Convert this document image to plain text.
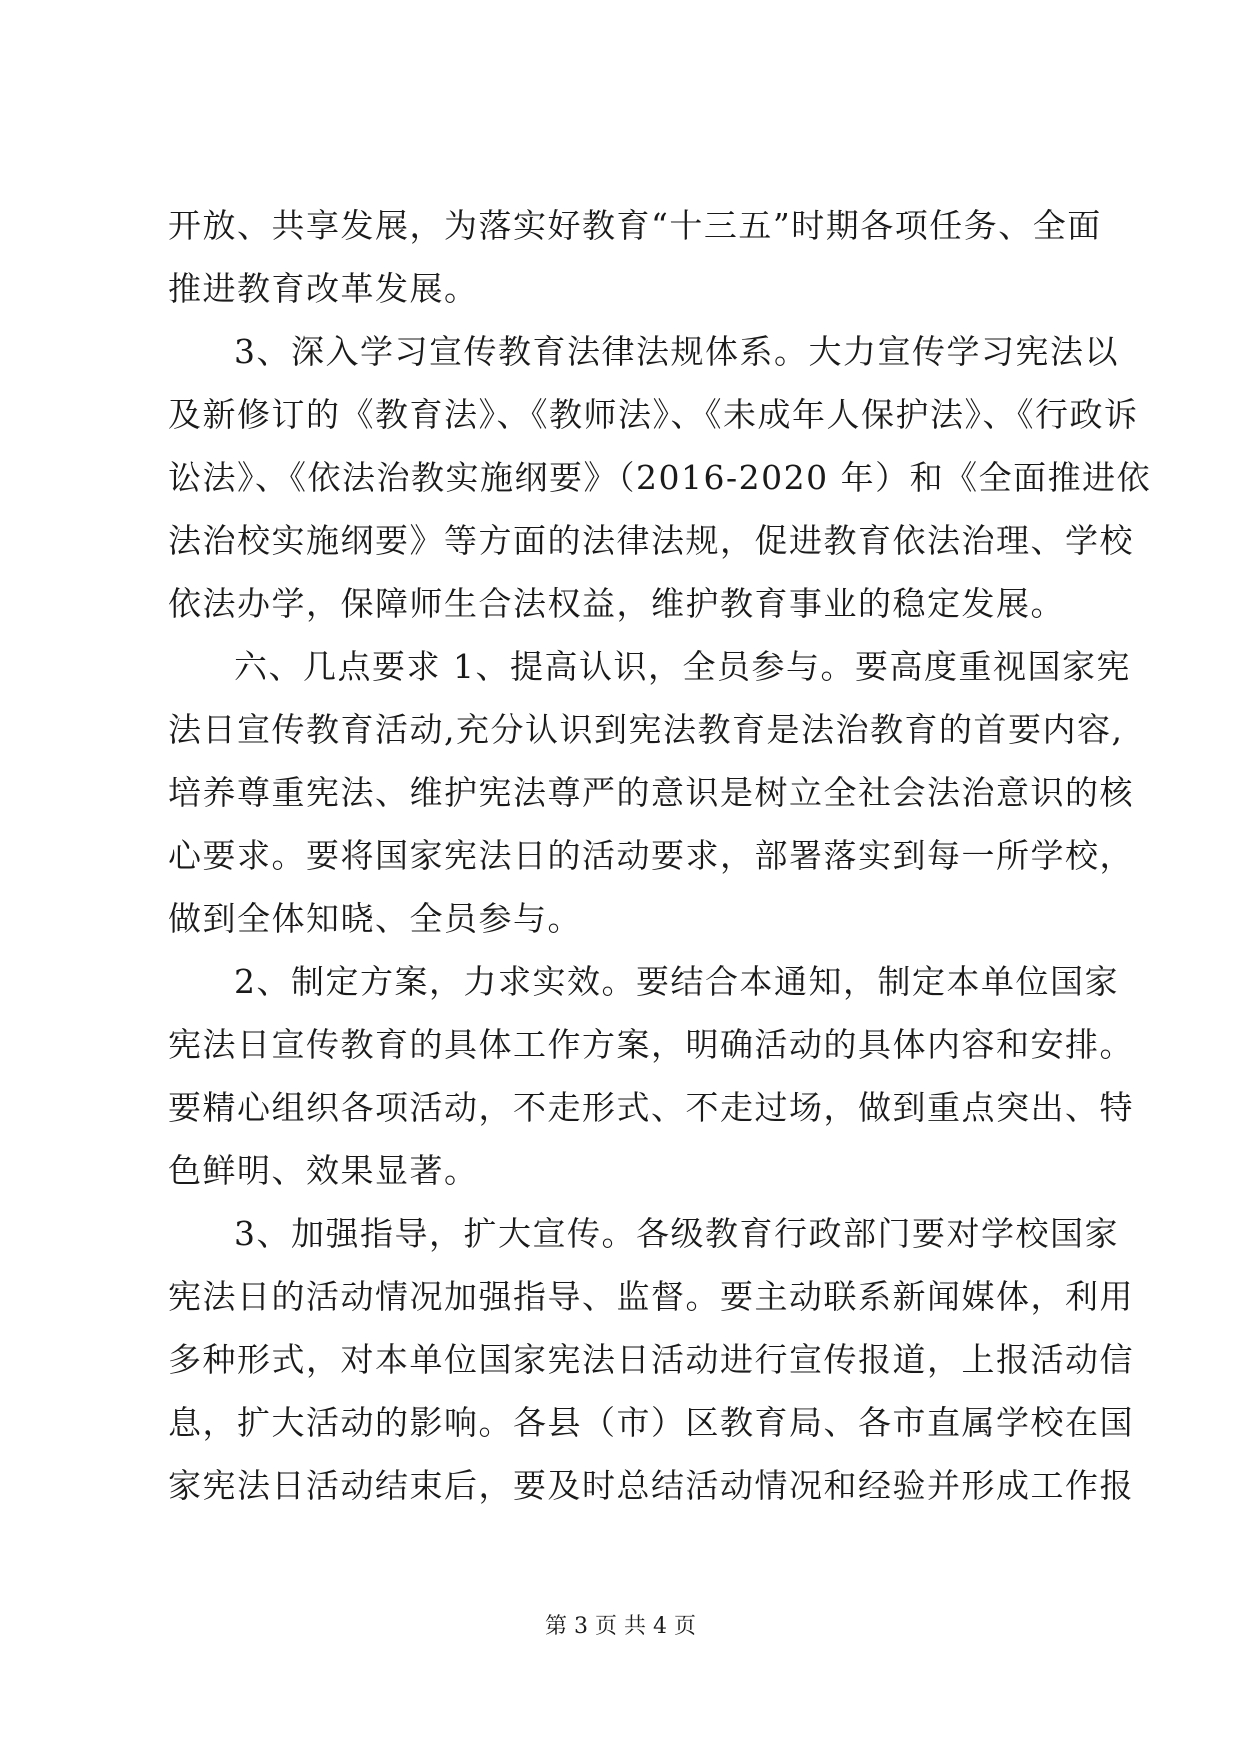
开放、共享发展，为落实好教育“十三五”时期各项任务、全面
推进教育改革发展。
3、深入学习宣传教育法律法规体系。大力宣传学习宪法以
及新修订的《教育法》、《教师法》、《未成年人保护法》、《行政诉
讼法》、《依法治教实施纲要》（2016-2020 年）和《全面推进依
法治校实施纲要》等方面的法律法规，促进教育依法治理、学校
依法办学，保障师生合法权益，维护教育事业的稳定发展。
六、几点要求 1、提高认识，全员参与。要高度重视国家宪
法日宣传教育活动,充分认识到宪法教育是法治教育的首要内容,
培养尊重宪法、维护宪法尊严的意识是树立全社会法治意识的核
心要求。要将国家宪法日的活动要求，部署落实到每一所学校，
做到全体知晓、全员参与。
2、制定方案，力求实效。要结合本通知，制定本单位国家
宪法日宣传教育的具体工作方案，明确活动的具体内容和安排。
要精心组织各项活动，不走形式、不走过场，做到重点突出、特
色鲜明、效果显著。
3、加强指导，扩大宣传。各级教育行政部门要对学校国家
宪法日的活动情况加强指导、监督。要主动联系新闻媒体，利用
多种形式，对本单位国家宪法日活动进行宣传报道，上报活动信
息，扩大活动的影响。各县（市）区教育局、各市直属学校在国
家宪法日活动结束后，要及时总结活动情况和经验并形成工作报
第 3 页 共 4 页
